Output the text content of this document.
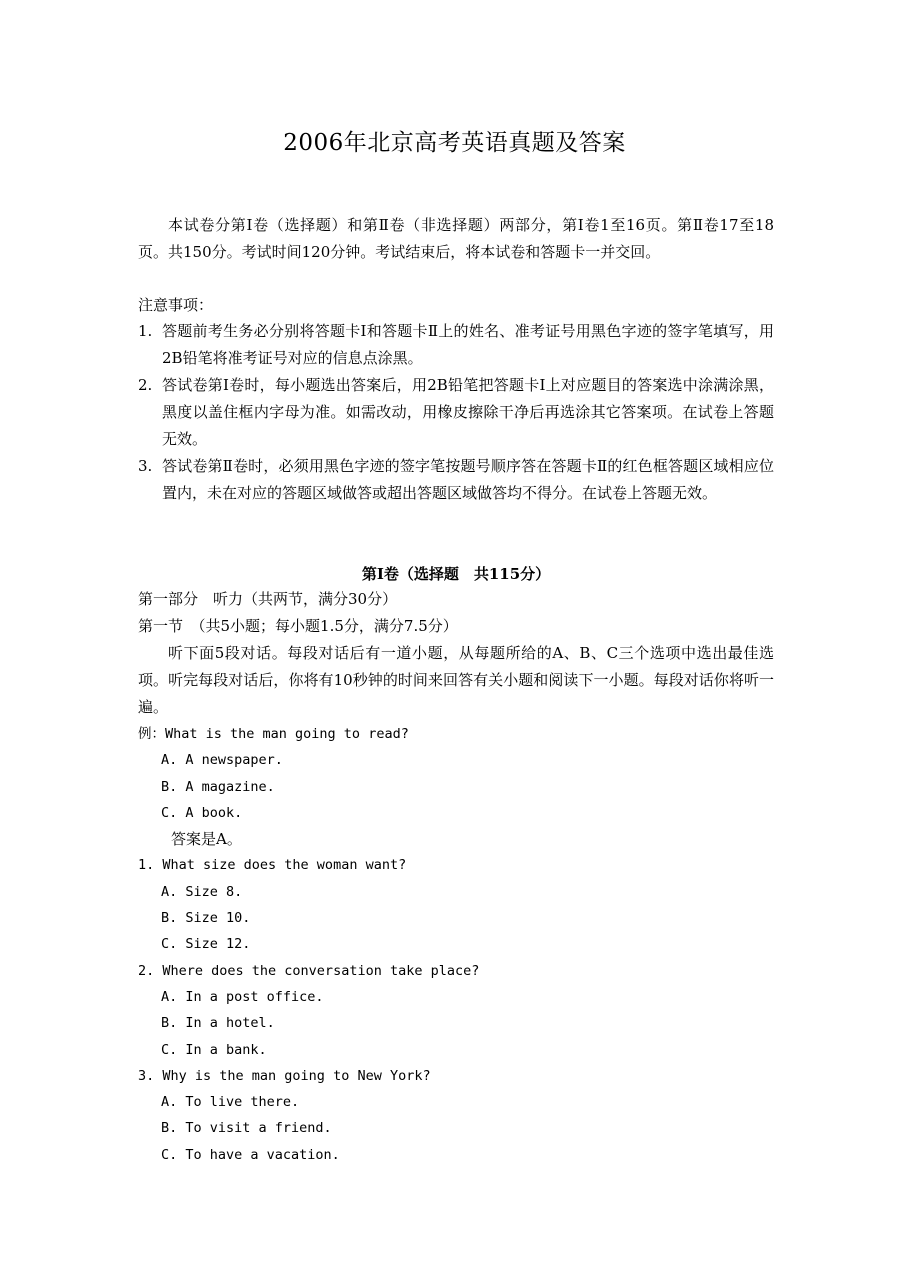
2006年北京高考英语真题及答案
本试卷分第Ⅰ卷（选择题）和第Ⅱ卷（非选择题）两部分，第Ⅰ卷1至16页。第Ⅱ卷17至18页。共150分。考试时间120分钟。考试结束后，将本试卷和答题卡一并交回。
注意事项：
1. 答题前考生务必分别将答题卡Ⅰ和答题卡Ⅱ上的姓名、准考证号用黑色字迹的签字笔填写，用2B铅笔将准考证号对应的信息点涂黑。
2. 答试卷第Ⅰ卷时，每小题选出答案后，用2B铅笔把答题卡Ⅰ上对应题目的答案选中涂满涂黑，黑度以盖住框内字母为准。如需改动，用橡皮擦除干净后再选涂其它答案项。在试卷上答题无效。
3. 答试卷第Ⅱ卷时，必须用黑色字迹的签字笔按题号顺序答在答题卡Ⅱ的红色框答题区域相应位置内，未在对应的答题区域做答或超出答题区域做答均不得分。在试卷上答题无效。
第Ⅰ卷（选择题　共115分）
第一部分　听力（共两节，满分30分）
第一节　（共5小题；每小题1.5分，满分7.5分）
听下面5段对话。每段对话后有一道小题，从每题所给的A、B、C三个选项中选出最佳选项。听完每段对话后，你将有10秒钟的时间来回答有关小题和阅读下一小题。每段对话你将听一遍。
例：What is the man going to read?
A. A newspaper.
B. A magazine.
C. A book.
答案是A。
1. What size does the woman want?
A. Size 8.
B. Size 10.
C. Size 12.
2. Where does the conversation take place?
A. In a post office.
B. In a hotel.
C. In a bank.
3. Why is the man going to New York?
A. To live there.
B. To visit a friend.
C. To have a vacation.
